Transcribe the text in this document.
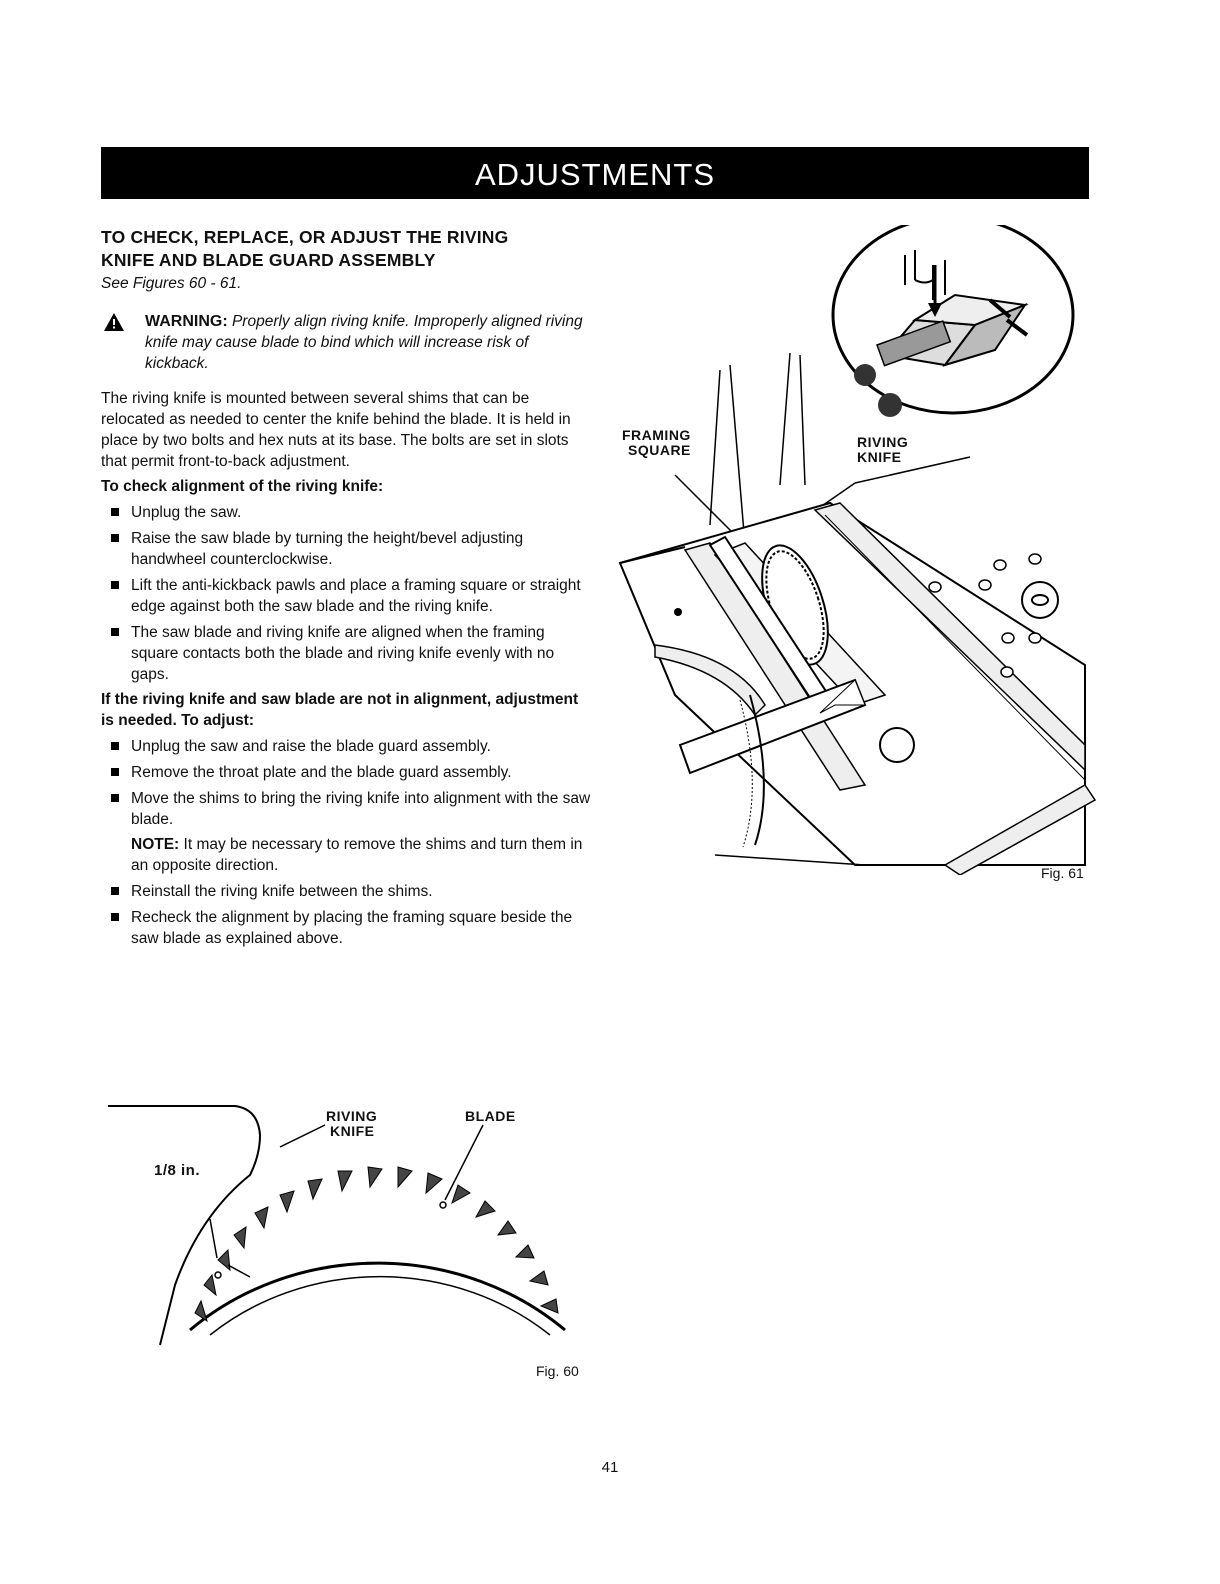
ADJUSTMENTS

TO CHECK, REPLACE, OR ADJUST THE RIVING
KNIFE AND BLADE GUARD ASSEMBLY

See Figures 60 - 61.

WARNING: Properly align riving knife. Improperly aligned riving knife may cause blade to bind which will increase risk of kickback.

The riving knife is mounted between several shims that can be relocated as needed to center the knife behind the blade. It is held in place by two bolts and hex nuts at its base. The bolts are set in slots that permit front-to-back adjustment.

To check alignment of the riving knife:

Unplug the saw.
Raise the saw blade by turning the height/bevel adjusting handwheel counterclockwise.
Lift the anti-kickback pawls and place a framing square or straight edge against both the saw blade and the riving knife.
The saw blade and riving knife are aligned when the framing square contacts both the blade and riving knife evenly with no gaps.

If the riving knife and saw blade are not in alignment, adjustment is needed. To adjust:

Unplug the saw and raise the blade guard assembly.
Remove the throat plate and the blade guard assembly.
Move the shims to bring the riving knife into alignment with the saw blade.
NOTE: It may be necessary to remove the shims and turn them in an opposite direction.
Reinstall the riving knife between the shims.
Recheck the alignment by placing the framing square beside the saw blade as explained above.
FRAMING
SQUARE	RIVING
KNIFE
Fig. 61
RIVING
KNIFE
BLADE
1/8 in.
Fig. 60
41
